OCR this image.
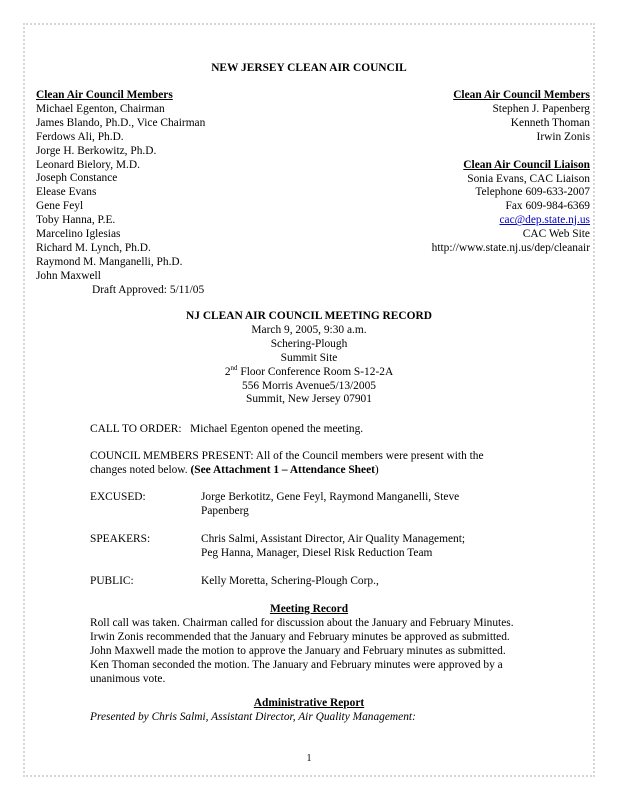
NEW JERSEY CLEAN AIR COUNCIL
Clean Air Council Members
Michael Egenton, Chairman
James Blando, Ph.D., Vice Chairman
Ferdows Ali, Ph.D.
Jorge H. Berkowitz, Ph.D.
Leonard Bielory, M.D.
Joseph Constance
Elease Evans
Gene Feyl
Toby Hanna, P.E.
Marcelino Iglesias
Richard M. Lynch, Ph.D.
Raymond M. Manganelli, Ph.D.
John Maxwell
Draft Approved: 5/11/05
Clean Air Council Members
Stephen J. Papenberg
Kenneth Thoman
Irwin Zonis
Clean Air Council Liaison
Sonia Evans, CAC Liaison
Telephone 609-633-2007
Fax 609-984-6369
cac@dep.state.nj.us
CAC Web Site
http://www.state.nj.us/dep/cleanair
NJ CLEAN AIR COUNCIL MEETING RECORD
March 9, 2005, 9:30 a.m.
Schering-Plough
Summit Site
2nd Floor Conference Room S-12-2A
556 Morris Avenue5/13/2005
Summit, New Jersey 07901
CALL TO ORDER: Michael Egenton opened the meeting.
COUNCIL MEMBERS PRESENT: All of the Council members were present with the changes noted below. (See Attachment 1 – Attendance Sheet)
EXCUSED:	Jorge Berkotitz, Gene Feyl, Raymond Manganelli, Steve
Papenberg
SPEAKERS:	Chris Salmi, Assistant Director, Air Quality Management;
Peg Hanna, Manager, Diesel Risk Reduction Team
PUBLIC:	Kelly Moretta, Schering-Plough Corp.,
Meeting Record
Roll call was taken. Chairman called for discussion about the January and February Minutes. Irwin Zonis recommended that the January and February minutes be approved as submitted. John Maxwell made the motion to approve the January and February minutes as submitted. Ken Thoman seconded the motion. The January and February minutes were approved by a unanimous vote.
Administrative Report
Presented by Chris Salmi, Assistant Director, Air Quality Management:
1
